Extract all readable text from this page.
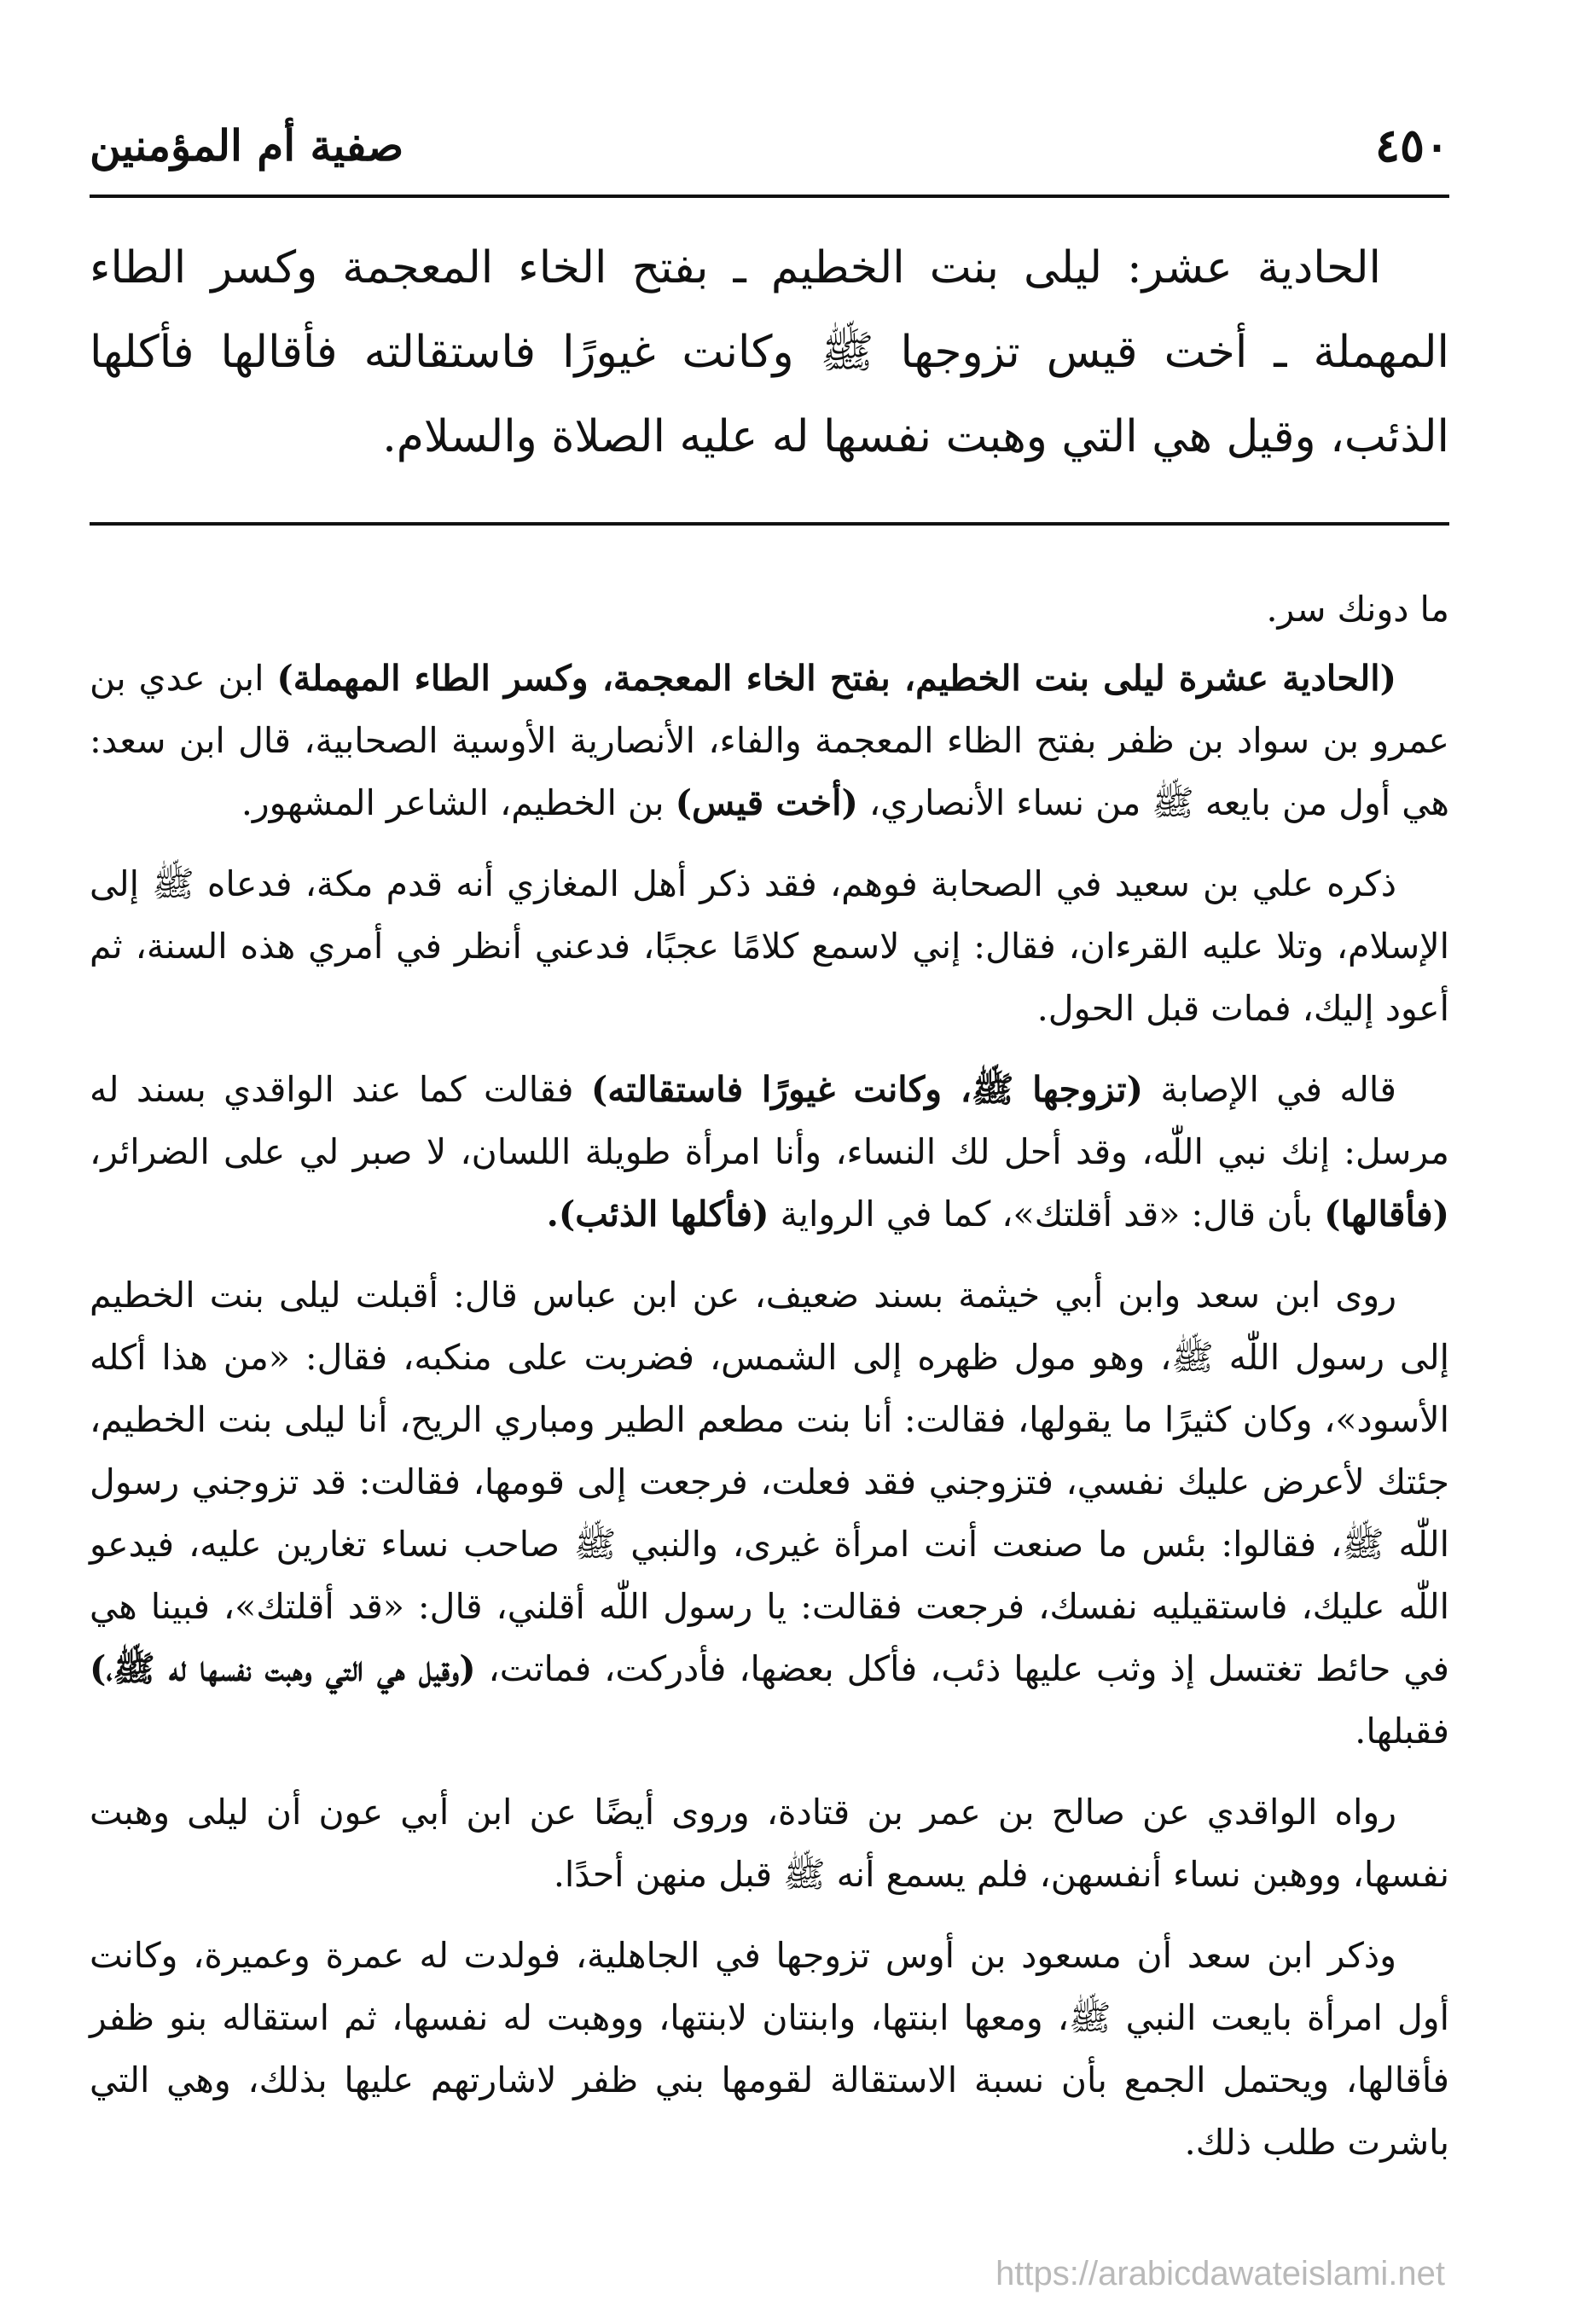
٤٥٠
صفية أم المؤمنين

الحادية عشر: ليلى بنت الخطيم ـ بفتح الخاء المعجمة وكسر الطاء المهملة ـ أخت قيس تزوجها ﷺ وكانت غيورًا فاستقالته فأقالها فأكلها الذئب، وقيل هي التي وهبت نفسها له عليه الصلاة والسلام.

ما دونك سر.

(الحادية عشرة ليلى بنت الخطيم، بفتح الخاء المعجمة، وكسر الطاء المهملة) ابن عدي بن عمرو بن سواد بن ظفر بفتح الظاء المعجمة والفاء، الأنصارية الأوسية الصحابية، قال ابن سعد: هي أول من بايعه ﷺ من نساء الأنصاري، (أخت قيس) بن الخطيم، الشاعر المشهور.

ذكره علي بن سعيد في الصحابة فوهم، فقد ذكر أهل المغازي أنه قدم مكة، فدعاه ﷺ إلى الإسلام، وتلا عليه القرءان، فقال: إني لاسمع كلامًا عجبًا، فدعني أنظر في أمري هذه السنة، ثم أعود إليك، فمات قبل الحول.

قاله في الإصابة (تزوجها ﷺ، وكانت غيورًا فاستقالته) فقالت كما عند الواقدي بسند له مرسل: إنك نبي اللّٰه، وقد أحل لك النساء، وأنا امرأة طويلة اللسان، لا صبر لي على الضرائر، (فأقالها) بأن قال: «قد أقلتك»، كما في الرواية (فأكلها الذئب).

روى ابن سعد وابن أبي خيثمة بسند ضعيف، عن ابن عباس قال: أقبلت ليلى بنت الخطيم إلى رسول اللّٰه ﷺ، وهو مول ظهره إلى الشمس، فضربت على منكبه، فقال: «من هذا أكله الأسود»، وكان كثيرًا ما يقولها، فقالت: أنا بنت مطعم الطير ومباري الريح، أنا ليلى بنت الخطيم، جئتك لأعرض عليك نفسي، فتزوجني فقد فعلت، فرجعت إلى قومها، فقالت: قد تزوجني رسول اللّٰه ﷺ، فقالوا: بئس ما صنعت أنت امرأة غيرى، والنبي ﷺ صاحب نساء تغارين عليه، فيدعو اللّٰه عليك، فاستقيليه نفسك، فرجعت فقالت: يا رسول اللّٰه أقلني، قال: «قد أقلتك»، فبينا هي في حائط تغتسل إذ وثب عليها ذئب، فأكل بعضها، فأدركت، فماتت، (وقيل هي التي وهبت نفسها له ﷺ،) فقبلها.

رواه الواقدي عن صالح بن عمر بن قتادة، وروى أيضًا عن ابن أبي عون أن ليلى وهبت نفسها، ووهبن نساء أنفسهن، فلم يسمع أنه ﷺ قبل منهن أحدًا.

وذكر ابن سعد أن مسعود بن أوس تزوجها في الجاهلية، فولدت له عمرة وعميرة، وكانت أول امرأة بايعت النبي ﷺ، ومعها ابنتها، وابنتان لابنتها، ووهبت له نفسها، ثم استقاله بنو ظفر فأقالها، ويحتمل الجمع بأن نسبة الاستقالة لقومها بني ظفر لاشارتهم عليها بذلك، وهي التي باشرت طلب ذلك.

https://arabicdawateislami.net
